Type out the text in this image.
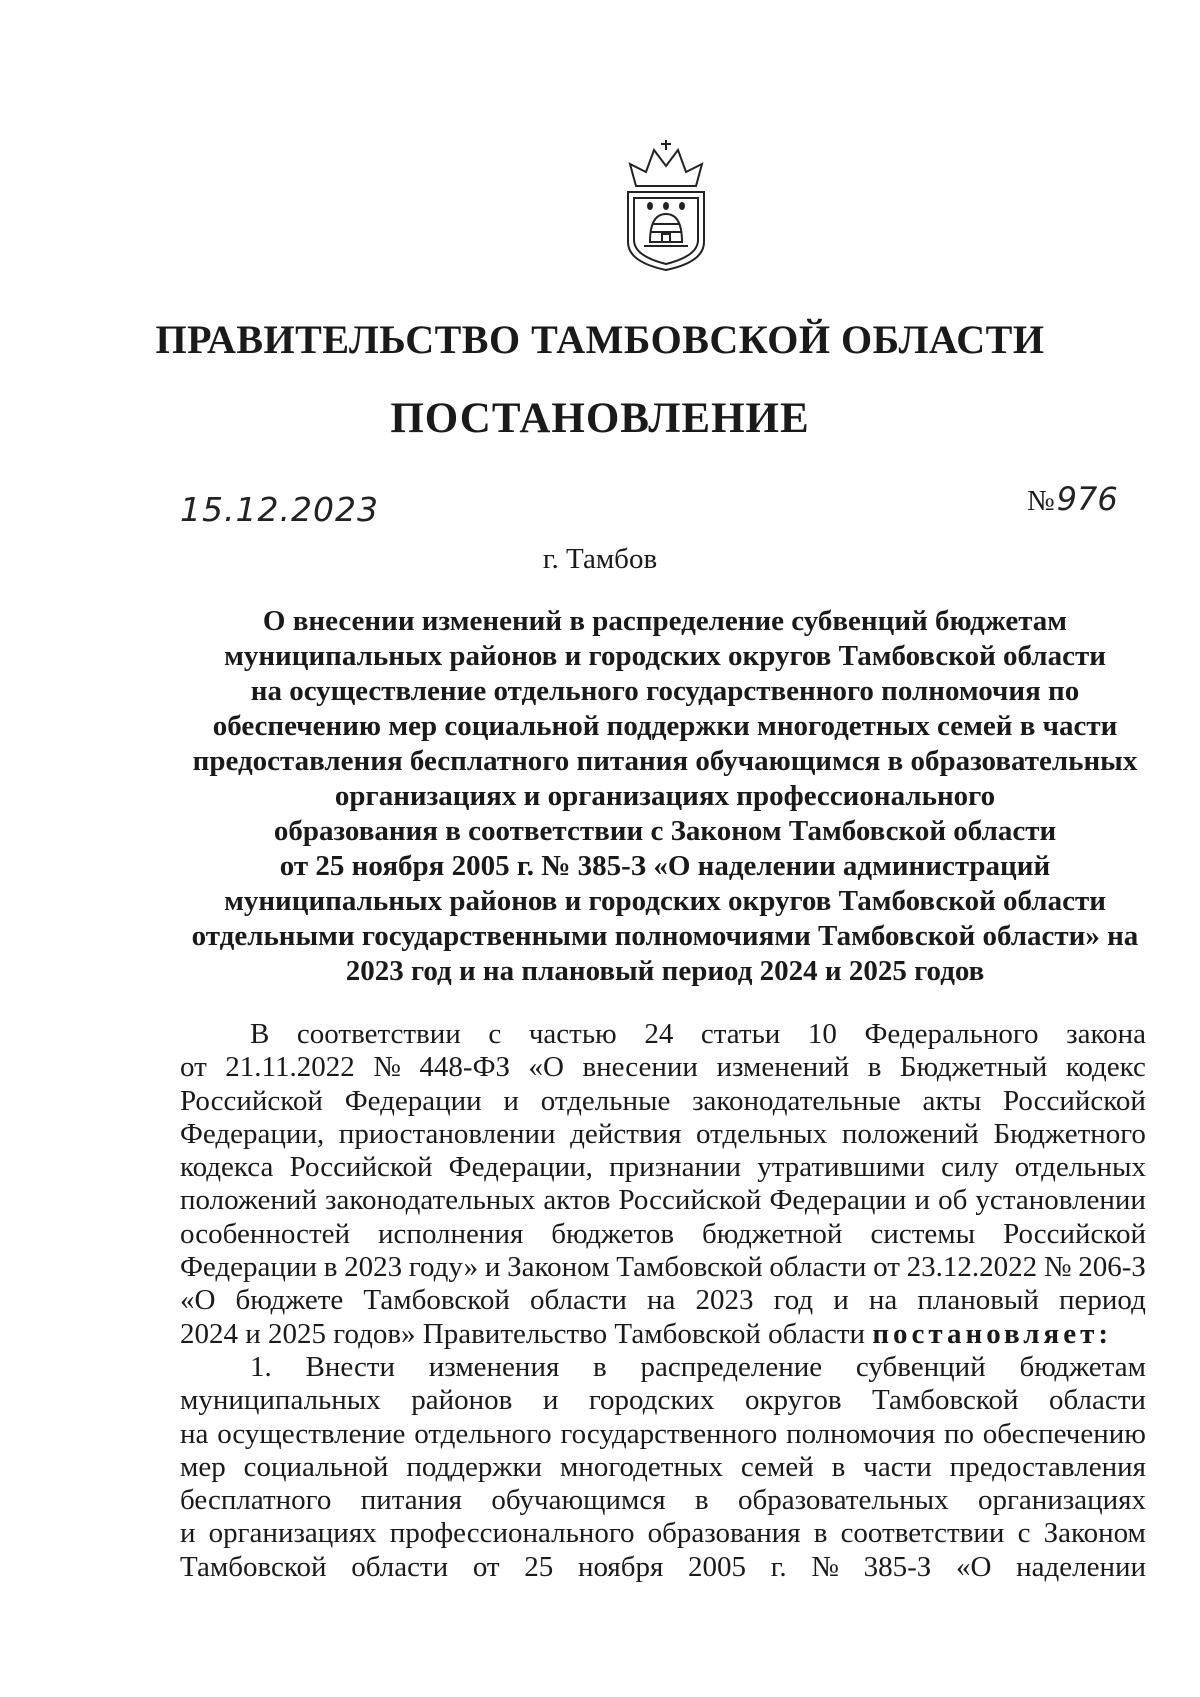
ПРАВИТЕЛЬСТВО ТАМБОВСКОЙ ОБЛАСТИ
ПОСТАНОВЛЕНИЕ
15.12.2023	№976
г. Тамбов
О внесении изменений в распределение субвенций бюджетам
муниципальных районов и городских округов Тамбовской области
на осуществление отдельного государственного полномочия по
обеспечению мер социальной поддержки многодетных семей в части
предоставления бесплатного питания обучающимся в образовательных
организациях и организациях профессионального
образования в соответствии с Законом Тамбовской области
от 25 ноября 2005 г. № 385-З «О наделении администраций
муниципальных районов и городских округов Тамбовской области
отдельными государственными полномочиями Тамбовской области» на
2023 год и на плановый период 2024 и 2025 годов
В соответствии с частью 24 статьи 10 Федерального закона
от 21.11.2022 № 448-ФЗ «О внесении изменений в Бюджетный кодекс
Российской Федерации и отдельные законодательные акты Российской
Федерации, приостановлении действия отдельных положений Бюджетного
кодекса Российской Федерации, признании утратившими силу отдельных
положений законодательных актов Российской Федерации и об установлении
особенностей исполнения бюджетов бюджетной системы Российской
Федерации в 2023 году» и Законом Тамбовской области от 23.12.2022 № 206-З
«О бюджете Тамбовской области на 2023 год и на плановый период
2024 и 2025 годов» Правительство Тамбовской области
постановляет:
1. Внести изменения в распределение субвенций бюджетам
муниципальных районов и городских округов Тамбовской области
на осуществление отдельного государственного полномочия по обеспечению
мер социальной поддержки многодетных семей в части предоставления
бесплатного питания обучающимся в образовательных организациях
и организациях профессионального образования в соответствии с Законом
Тамбовской области от 25 ноября 2005 г. № 385-З «О наделении
